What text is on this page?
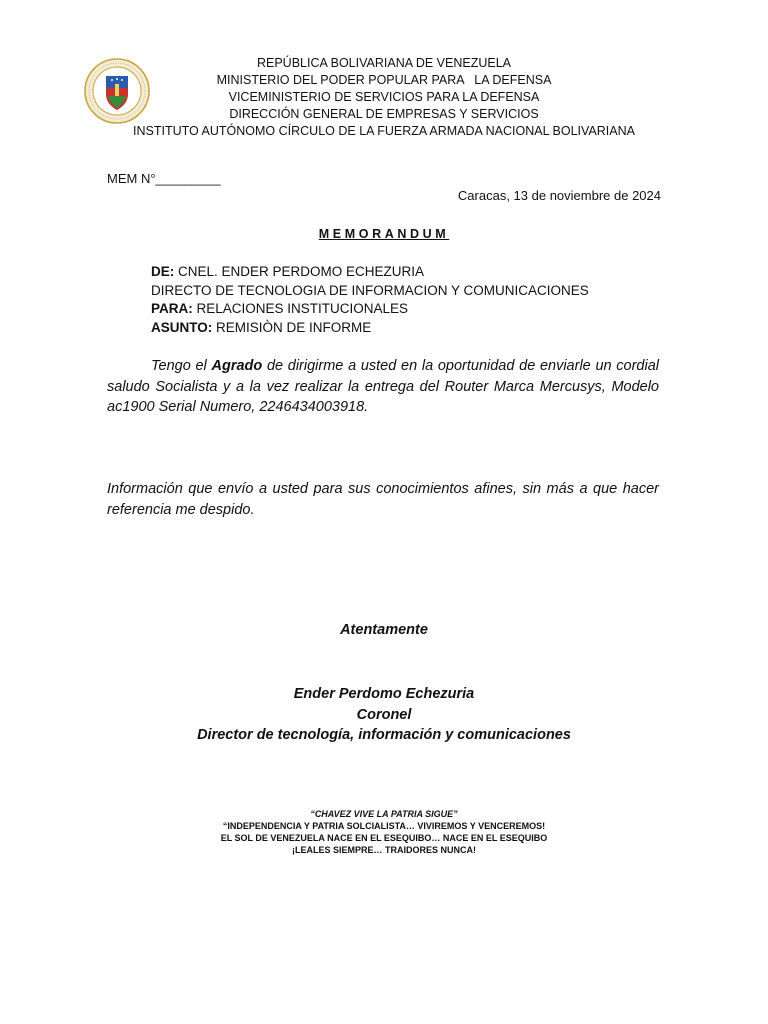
REPÚBLICA BOLIVARIANA DE VENEZUELA
MINISTERIO DEL PODER POPULAR PARA   LA DEFENSA
VICEMINISTERIO DE SERVICIOS PARA LA DEFENSA
DIRECCIÓN GENERAL DE EMPRESAS Y SERVICIOS
INSTITUTO AUTÓNOMO CÍRCULO DE LA FUERZA ARMADA NACIONAL BOLIVARIANA
MEM N°_________
Caracas, 13 de noviembre de 2024
MEMORANDUM
DE: CNEL. ENDER PERDOMO ECHEZURIA
DIRECTO DE TECNOLOGIA DE INFORMACION Y COMUNICACIONES
PARA: RELACIONES INSTITUCIONALES
ASUNTO: REMISIÒN DE INFORME
Tengo el Agrado de dirigirme a usted en la oportunidad de enviarle un cordial saludo Socialista y a la vez realizar la entrega del Router Marca Mercusys, Modelo ac1900 Serial Numero, 2246434003918.
Información que envío a usted para sus conocimientos afines, sin más a que hacer referencia me despido.
Atentamente
Ender Perdomo Echezuria
Coronel
Director de tecnología, información y comunicaciones
“CHAVEZ VIVE LA PATRIA SIGUE”
“INDEPENDENCIA Y PATRIA SOLCIALISTA… VIVIREMOS Y VENCEREMOS!
EL SOL DE VENEZUELA NACE EN EL ESEQUIBO… NACE EN EL ESEQUIBO
¡LEALES SIEMPRE… TRAIDORES NUNCA!
